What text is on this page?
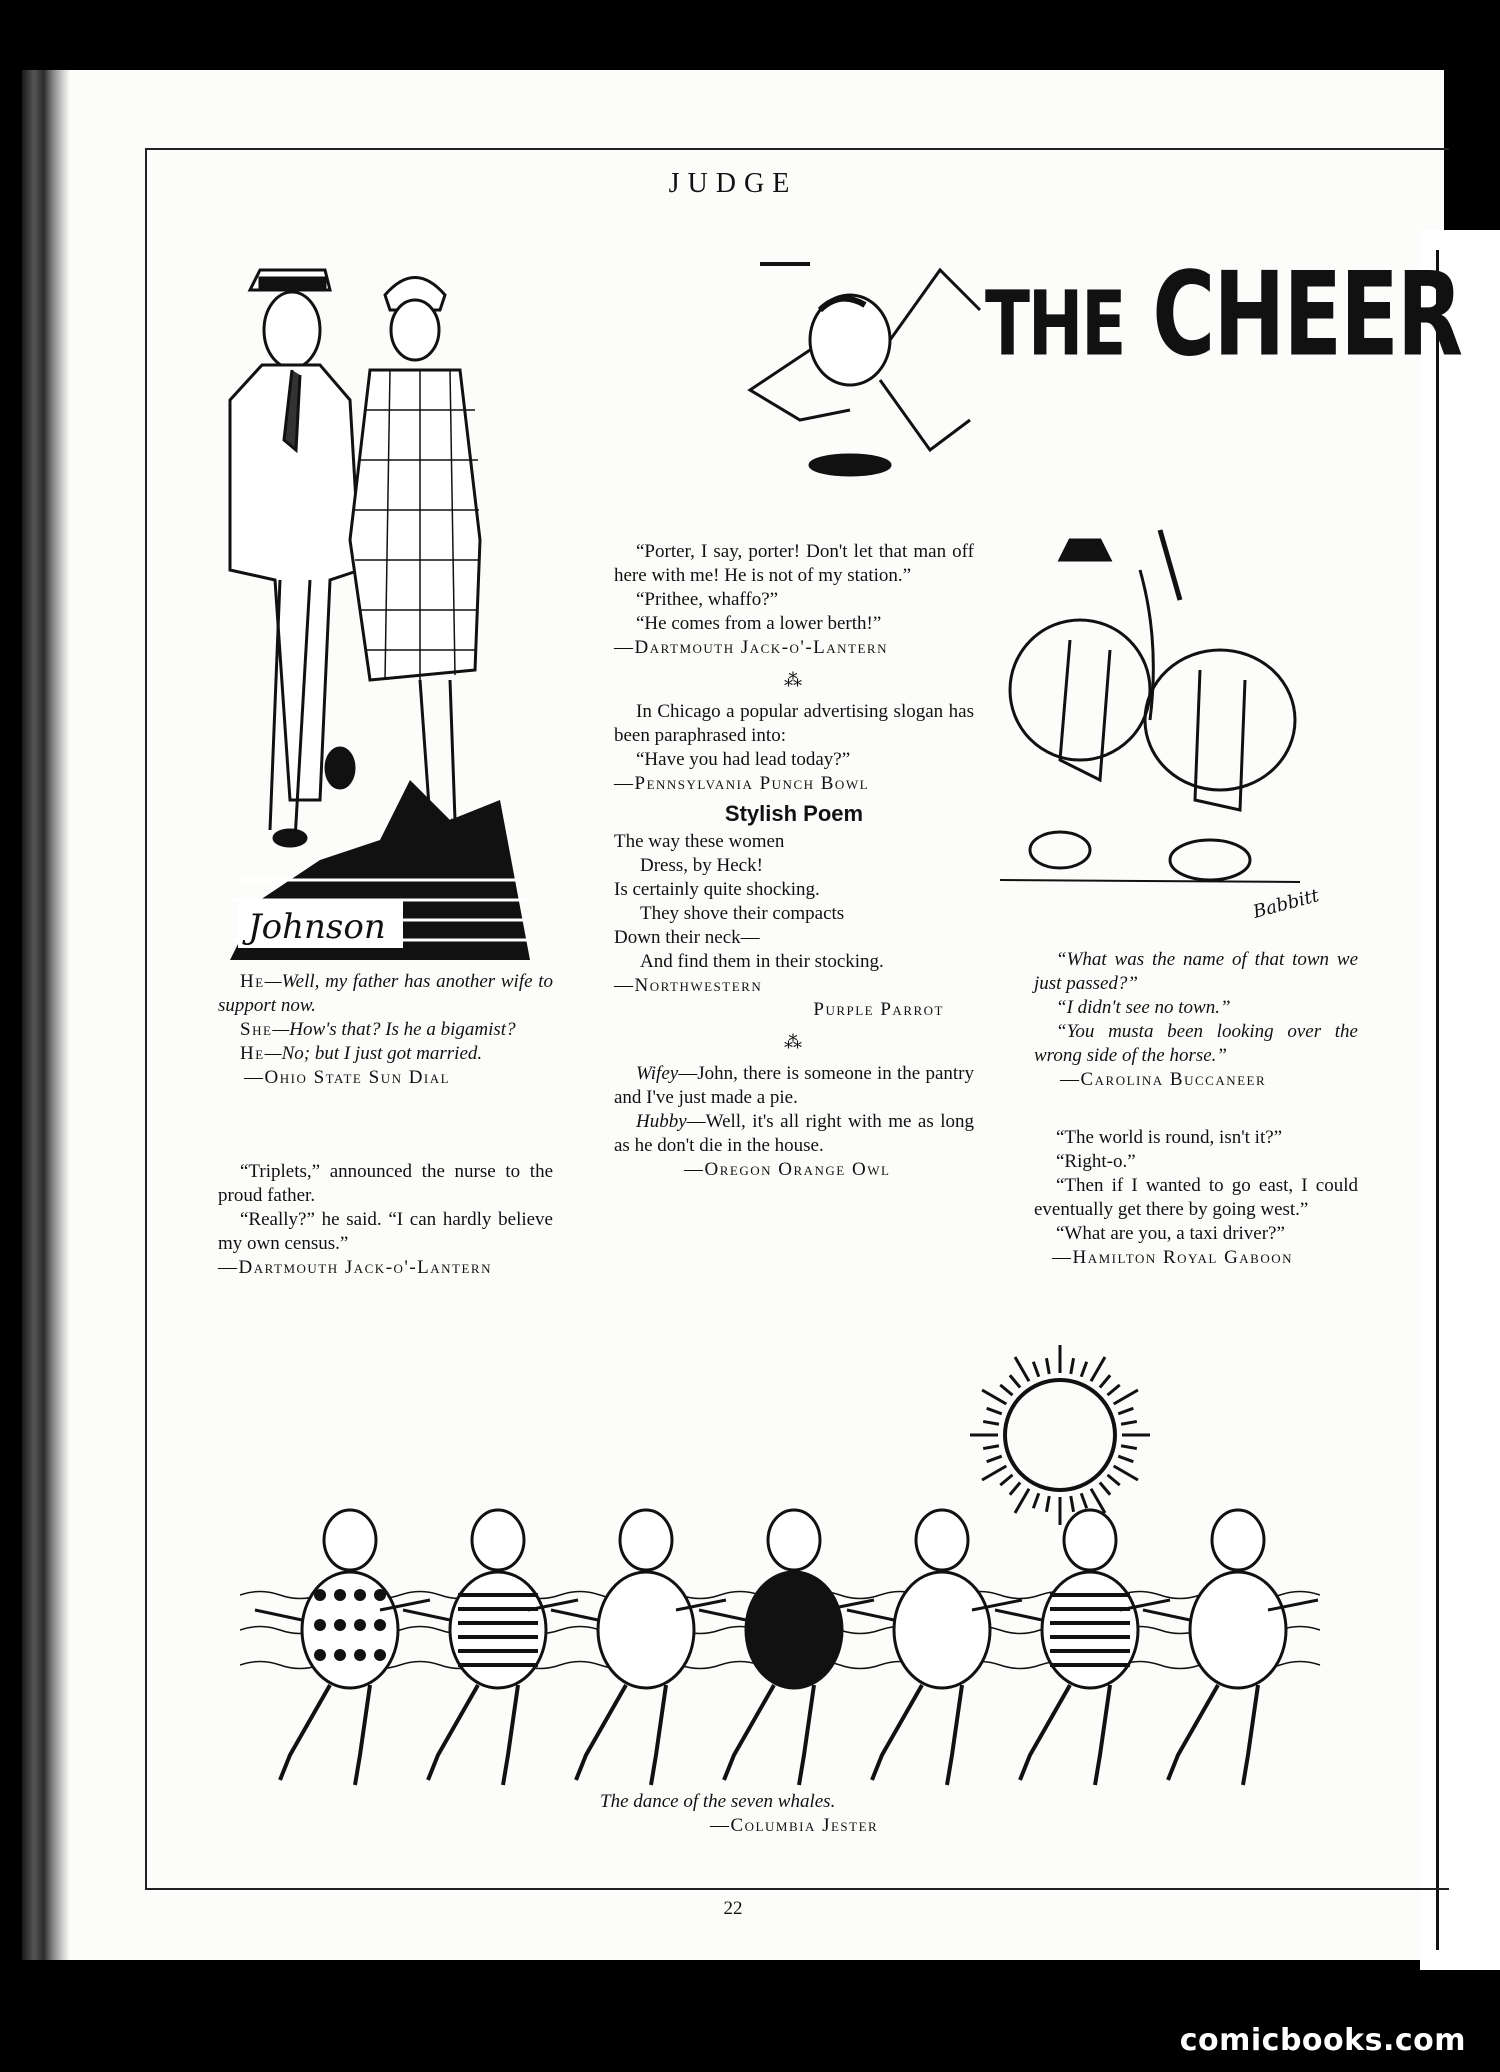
JUDGE
22
Johnson

He—Well, my father has another wife to support now.

She—How's that? Is he a bigamist?

He—No; but I just got married.

—Ohio State Sun Dial

“Triplets,” announced the nurse to the proud father.

“Really?” he said. “I can hardly believe my own census.”

—Dartmouth Jack-o'-Lantern

THE CHEER

“Porter, I say, porter! Don't let that man off here with me! He is not of my station.”

“Prithee, whaffo?”

“He comes from a lower berth!”

—Dartmouth Jack-o'-Lantern

⁂

In Chicago a popular advertising slogan has been paraphrased into:

“Have you had lead today?”

—Pennsylvania Punch Bowl

Stylish Poem

The way these women

Dress, by Heck!

Is certainly quite shocking.

They shove their compacts

Down their neck—

And find them in their stocking.

—Northwestern

Purple Parrot

⁂

Wifey—John, there is someone in the pantry and I've just made a pie.

Hubby—Well, it's all right with me as long as he don't die in the house.

—Oregon Orange Owl

Babbitt

“What was the name of that town we just passed?”

“I didn't see no town.”

“You musta been looking over the wrong side of the horse.”

—Carolina Buccaneer

“The world is round, isn't it?”

“Right-o.”

“Then if I wanted to go east, I could eventually get there by going west.”

“What are you, a taxi driver?”

—Hamilton Royal Gaboon

The dance of the seven whales.

—Columbia Jester

comicbooks.com
